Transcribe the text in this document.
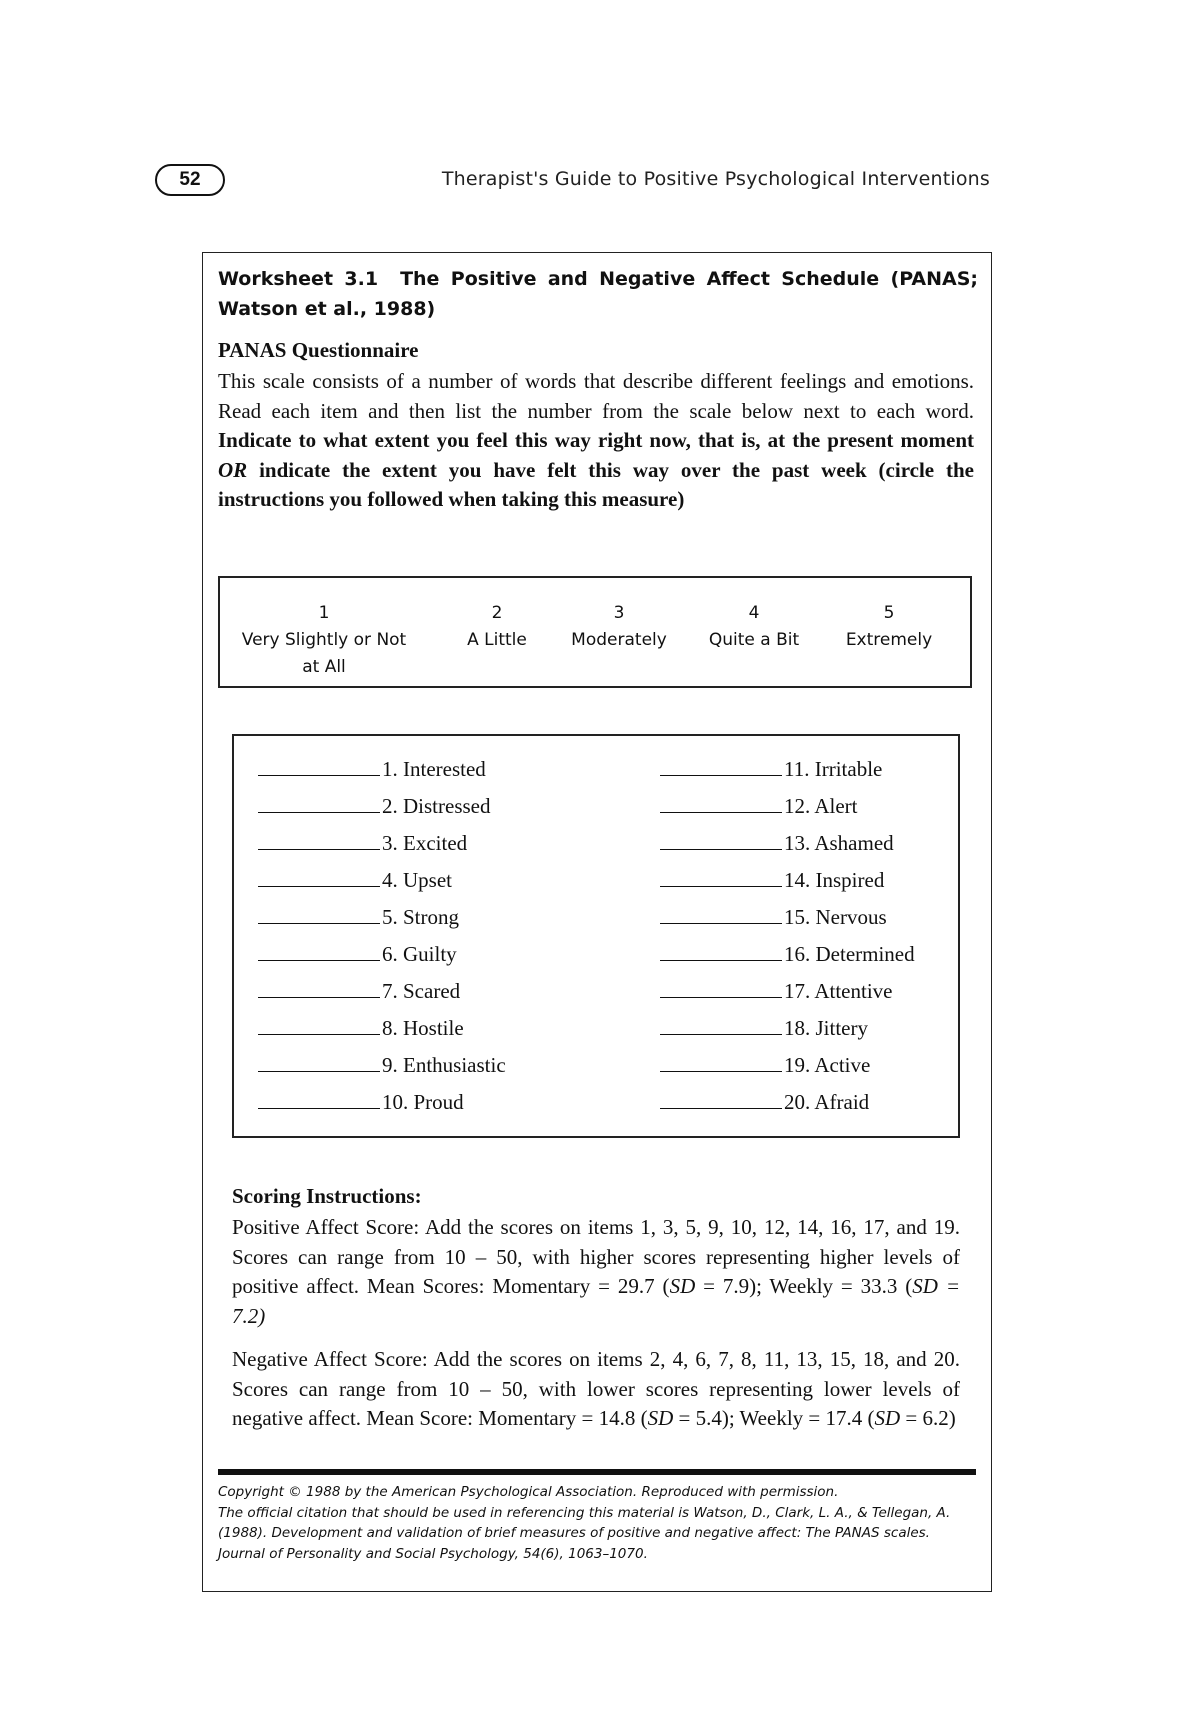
52	Therapist's Guide to Positive Psychological Interventions
Worksheet 3.1 The Positive and Negative Affect Schedule (PANAS; Watson et al., 1988)
PANAS Questionnaire

This scale consists of a number of words that describe different feelings and emotions. Read each item and then list the number from the scale below next to each word. Indicate to what extent you feel this way right now, that is, at the present moment OR indicate the extent you have felt this way over the past week (circle the instructions you followed when taking this measure)

1
Very Slightly or Not at All
2
A Little
3
Moderately
4
Quite a Bit
5
Extremely
1. Interested
2. Distressed
3. Excited
4. Upset
5. Strong
6. Guilty
7. Scared
8. Hostile
9. Enthusiastic
10. Proud
11. Irritable
12. Alert
13. Ashamed
14. Inspired
15. Nervous
16. Determined
17. Attentive
18. Jittery
19. Active
20. Afraid
Scoring Instructions:

Positive Affect Score: Add the scores on items 1, 3, 5, 9, 10, 12, 14, 16, 17, and 19. Scores can range from 10 – 50, with higher scores representing higher levels of positive affect. Mean Scores: Momentary = 29.7 (SD = 7.9); Weekly = 33.3 (SD = 7.2)

Negative Affect Score: Add the scores on items 2, 4, 6, 7, 8, 11, 13, 15, 18, and 20. Scores can range from 10 – 50, with lower scores representing lower levels of negative affect. Mean Score: Momentary = 14.8 (SD = 5.4); Weekly = 17.4 (SD = 6.2)

Copyright © 1988 by the American Psychological Association. Reproduced with permission.
The official citation that should be used in referencing this material is Watson, D., Clark, L. A., & Tellegan, A. (1988). Development and validation of brief measures of positive and negative affect: The PANAS scales. Journal of Personality and Social Psychology, 54(6), 1063–1070.
